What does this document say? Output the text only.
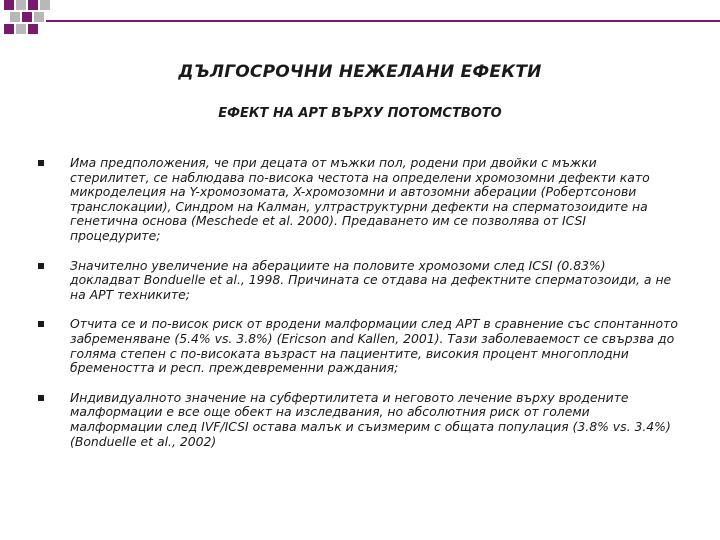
ДЪЛГОСРОЧНИ НЕЖЕЛАНИ ЕФЕКТИ
ЕФЕКТ НА АРТ ВЪРХУ ПОТОМСТВОТО
Има предположения, че при децата от мъжки пол, родени при двойки с мъжки стерилитет, се наблюдава по-висока честота на определени хромозомни дефекти като микроделеция на Y-хромозомата, X-хромозомни и автозомни аберации (Робертсонови транслокации), Синдром на Калман, ултраструктурни дефекти на сперматозоидите на генетична основа (Meschede et al. 2000). Предаването им се позволява от ICSI процедурите;
Значително увеличение на аберациите на половите хромозоми след ICSI (0.83%) докладват Bonduelle et al., 1998. Причината се отдава на дефектните сперматозоиди, а не на АРТ техниките;
Отчита се и по-висок риск от вродени малформации след АРТ в сравнение със спонтанното забременяване (5.4% vs. 3.8%) (Ericson and Kallen, 2001). Тази заболеваемост се свързва до голяма степен с по-високата възраст на пациентите, високия процент многоплодни бремеността и респ. преждевременни раждания;
Индивидуалното значение на субфертилитета и неговото лечение върху вродените малформации е все още обект на изследвания, но абсолютния риск от големи малформации след IVF/ICSI остава малък и съизмерим с общата популация (3.8% vs. 3.4%) (Bonduelle et al., 2002)
